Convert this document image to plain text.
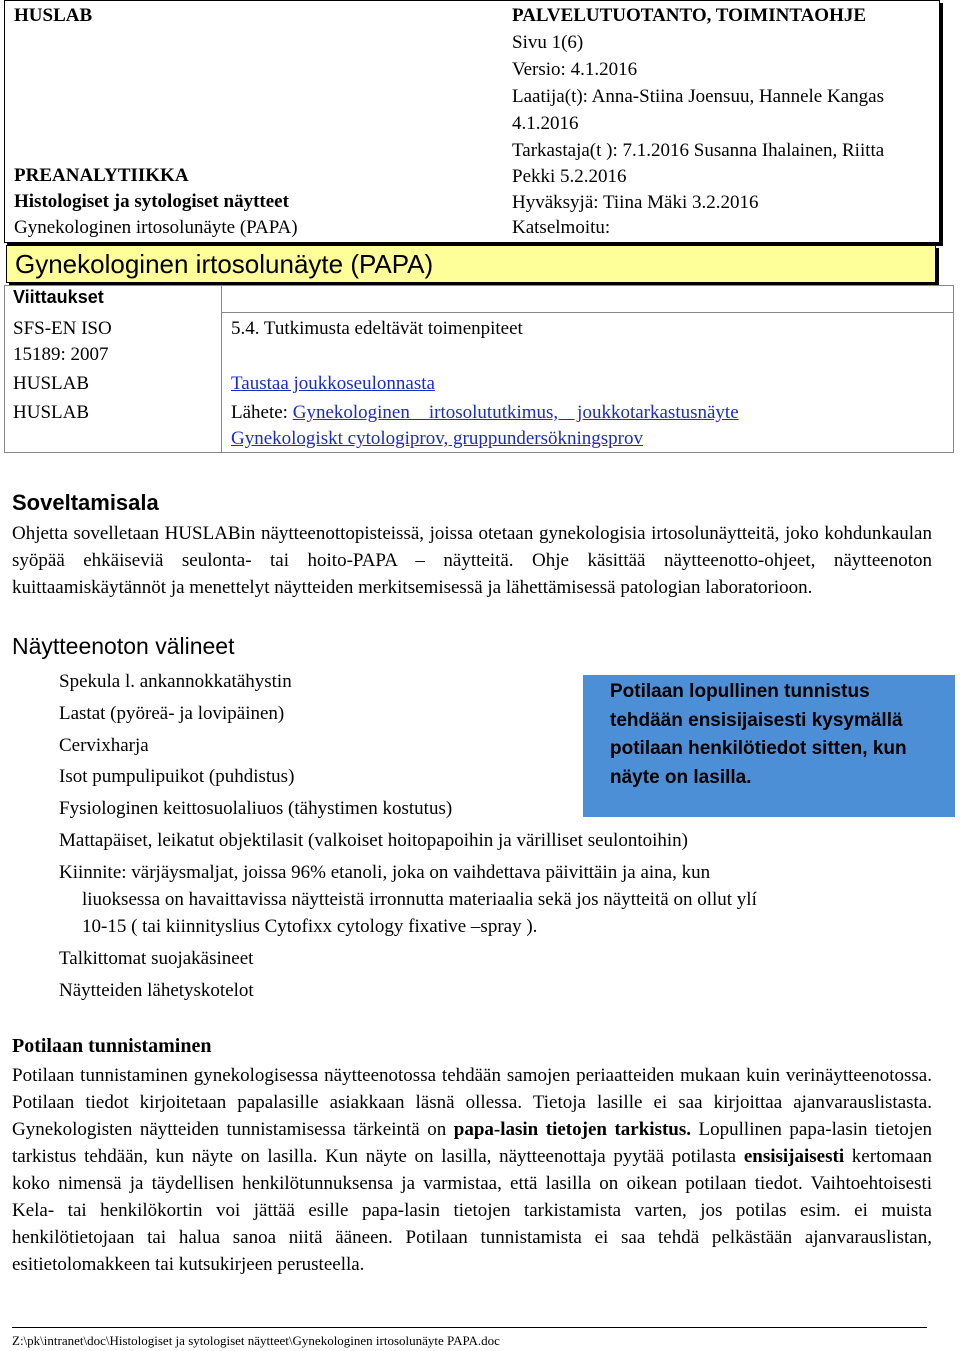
HUSLAB
PREANALYTIIKKA
Histologiset ja sytologiset näytteet
Gynekologinen irtosolunäyte (PAPA)
PALVELUTUOTANTO, TOIMINTAOHJE
Sivu 1(6)
Versio: 4.1.2016
Laatija(t): Anna-Stiina Joensuu, Hannele Kangas
4.1.2016
Tarkastaja(t ): 7.1.2016 Susanna Ihalainen, Riitta
Pekki 5.2.2016
Hyväksyjä: Tiina Mäki 3.2.2016
Katselmoitu:
Gynekologinen irtosolunäyte (PAPA)
Viittaukset
SFS-EN ISO
15189: 2007
5.4. Tutkimusta edeltävät toimenpiteet
HUSLAB	Taustaa joukkoseulonnasta
HUSLAB	Lähete: Gynekologinen    irtosolututkimus,    joukkotarkastusnäyte
Gynekologiskt cytologiprov, gruppundersökningsprov
Soveltamisala
Ohjetta sovelletaan HUSLABin näytteenottopisteissä, joissa otetaan gynekologisia irtosolunäytteitä, joko kohdunkaulan syöpää ehkäiseviä seulonta- tai hoito-PAPA – näytteitä. Ohje käsittää näytteenotto-ohjeet, näytteenoton kuittaamiskäytännöt ja menettelyt näytteiden merkitsemisessä ja lähettämisessä patologian laboratorioon.
Näytteenoton välineet
Spekula l. ankannokkatähystin
Lastat (pyöreä- ja lovipäinen)
Cervixharja
Isot pumpulipuikot (puhdistus)
Fysiologinen keittosuolaliuos (tähystimen kostutus)
Mattapäiset, leikatut objektilasit (valkoiset hoitopapoihin ja värilliset seulontoihin)
Kiinnite: värjäysmaljat, joissa 96% etanoli, joka on vaihdettava päivittäin ja aina, kun
liuoksessa on havaittavissa näytteistä irronnutta materiaalia sekä jos näytteitä on ollut ylí
10-15 ( tai kiinnityslius Cytofixx cytology fixative –spray ).
Talkittomat suojakäsineet
Näytteiden lähetyskotelot
Potilaan lopullinen tunnistus tehdään ensisijaisesti kysymällä potilaan henkilötiedot sitten, kun näyte on lasilla.
Potilaan tunnistaminen
Potilaan tunnistaminen gynekologisessa näytteenotossa tehdään samojen periaatteiden mukaan kuin verinäytteenotossa. Potilaan tiedot kirjoitetaan papalasille asiakkaan läsnä ollessa. Tietoja lasille ei saa kirjoittaa ajanvarauslistasta. Gynekologisten näytteiden tunnistamisessa tärkeintä on papa-lasin tietojen tarkistus. Lopullinen papa-lasin tietojen tarkistus tehdään, kun näyte on lasilla. Kun näyte on lasilla, näytteenottaja pyytää potilasta ensisijaisesti kertomaan koko nimensä ja täydellisen henkilötunnuksensa ja varmistaa, että lasilla on oikean potilaan tiedot. Vaihtoehtoisesti Kela- tai henkilökortin voi jättää esille papa-lasin tietojen tarkistamista varten, jos potilas esim. ei muista henkilötietojaan tai halua sanoa niitä ääneen. Potilaan tunnistamista ei saa tehdä pelkästään ajanvarauslistan, esitietolomakkeen tai kutsukirjeen perusteella.
Z:\pk\intranet\doc\Histologiset ja sytologiset näytteet\Gynekologinen irtosolunäyte PAPA.doc
